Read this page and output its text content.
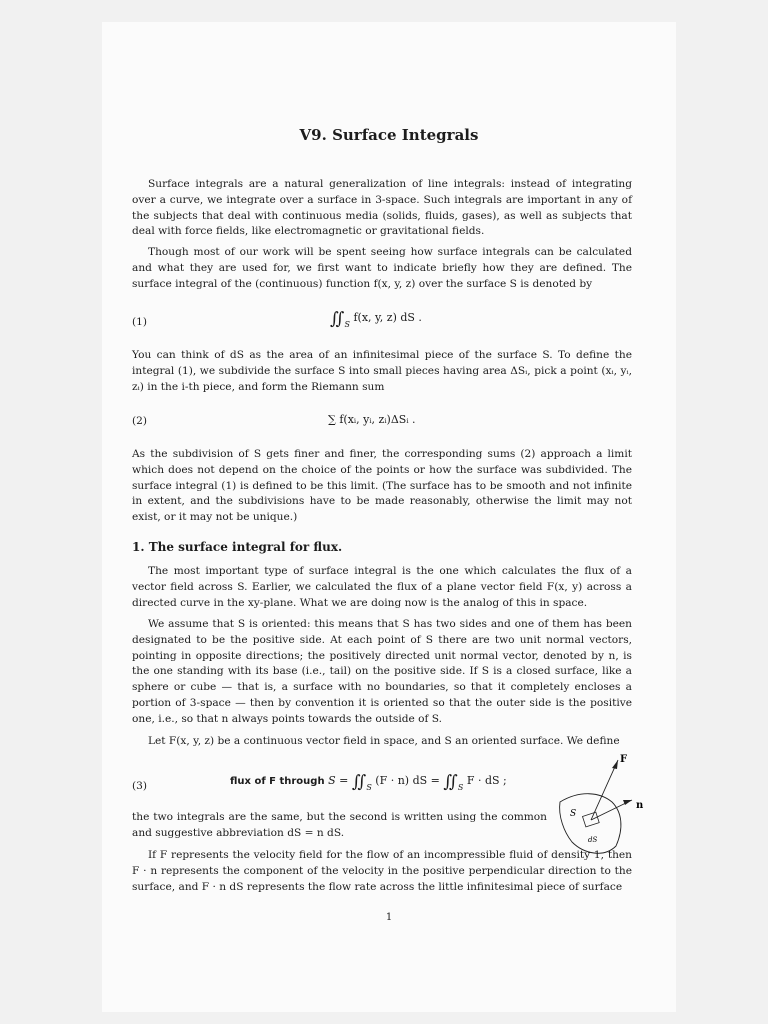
V9. Surface Integrals

Surface integrals are a natural generalization of line integrals: instead of integrating over a curve, we integrate over a surface in 3-space. Such integrals are important in any of the subjects that deal with continuous media (solids, fluids, gases), as well as subjects that deal with force fields, like electromagnetic or gravitational fields.

Though most of our work will be spent seeing how surface integrals can be calculated and what they are used for, we first want to indicate briefly how they are defined. The surface integral of the (continuous) function f(x, y, z) over the surface S is denoted by

(1)	$∬_S$ f(x, y, z) dS .

You can think of dS as the area of an infinitesimal piece of the surface S. To define the integral (1), we subdivide the surface S into small pieces having area ΔSᵢ, pick a point (xᵢ, yᵢ, zᵢ) in the i-th piece, and form the Riemann sum

(2)	∑ f(xᵢ, yᵢ, zᵢ)ΔSᵢ .

As the subdivision of S gets finer and finer, the corresponding sums (2) approach a limit which does not depend on the choice of the points or how the surface was subdivided. The surface integral (1) is defined to be this limit. (The surface has to be smooth and not infinite in extent, and the subdivisions have to be made reasonably, otherwise the limit may not exist, or it may not be unique.)

1. The surface integral for flux.

The most important type of surface integral is the one which calculates the flux of a vector field across S. Earlier, we calculated the flux of a plane vector field F(x, y) across a directed curve in the xy-plane. What we are doing now is the analog of this in space.

We assume that S is oriented: this means that S has two sides and one of them has been designated to be the positive side. At each point of S there are two unit normal vectors, pointing in opposite directions; the positively directed unit normal vector, denoted by n, is the one standing with its base (i.e., tail) on the positive side. If S is a closed surface, like a sphere or cube — that is, a surface with no boundaries, so that it completely encloses a portion of 3-space — then by convention it is oriented so that the outer side is the positive one, i.e., so that n always points towards the outside of S.

Let F(x, y, z) be a continuous vector field in space, and S an oriented surface. We define

(3)	flux of F through $S = ∬_S$ (F · n) dS = $∬_S$ F · dS ;
F
n
S
dS

the two integrals are the same, but the second is written using the common and suggestive abbreviation dS = n dS.

If F represents the velocity field for the flow of an incompressible fluid of density 1, then F · n represents the component of the velocity in the positive perpendicular direction to the surface, and F · n dS represents the flow rate across the little infinitesimal piece of surface

1
